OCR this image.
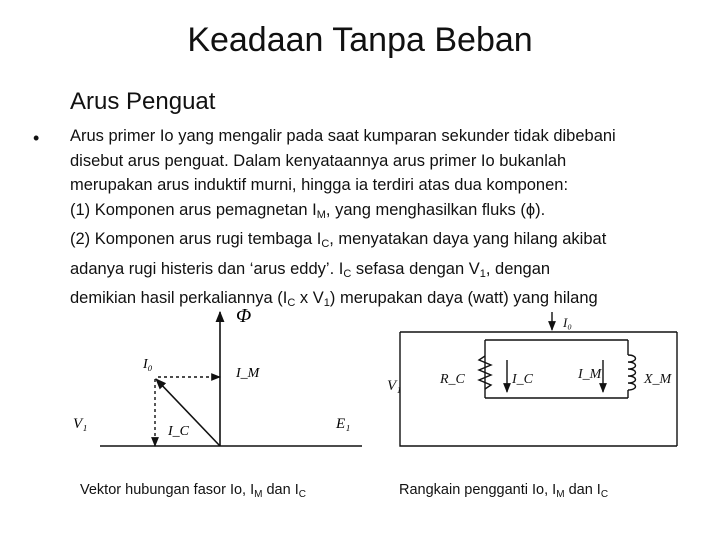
Keadaan Tanpa Beban
Arus Penguat
• Arus primer Io yang mengalir pada saat kumparan sekunder tidak dibebani
disebut arus penguat. Dalam kenyataannya arus primer Io bukanlah
merupakan arus induktif murni, hingga ia terdiri atas dua komponen:
(1) Komponen arus pemagnetan $I_M$, yang menghasilkan fluks (ϕ).
(2) Komponen arus rugi tembaga $I_C$, menyatakan daya yang hilang akibat
adanya rugi histeris dan ‘arus eddy’. $I_C$ sefasa dengan $V_1$, dengan
demikian hasil perkaliannya ($I_C$ x $V_1$) merupakan daya (watt) yang hilang
Φ
I₀
I_M
I_C
V₁	E₁
I₀
V₁	R_C	I_C	I_M	X_M
Vektor hubungan fasor Io, $I_M$ dan $I_C$	Rangkain pengganti Io, $I_M$ dan $I_C$
